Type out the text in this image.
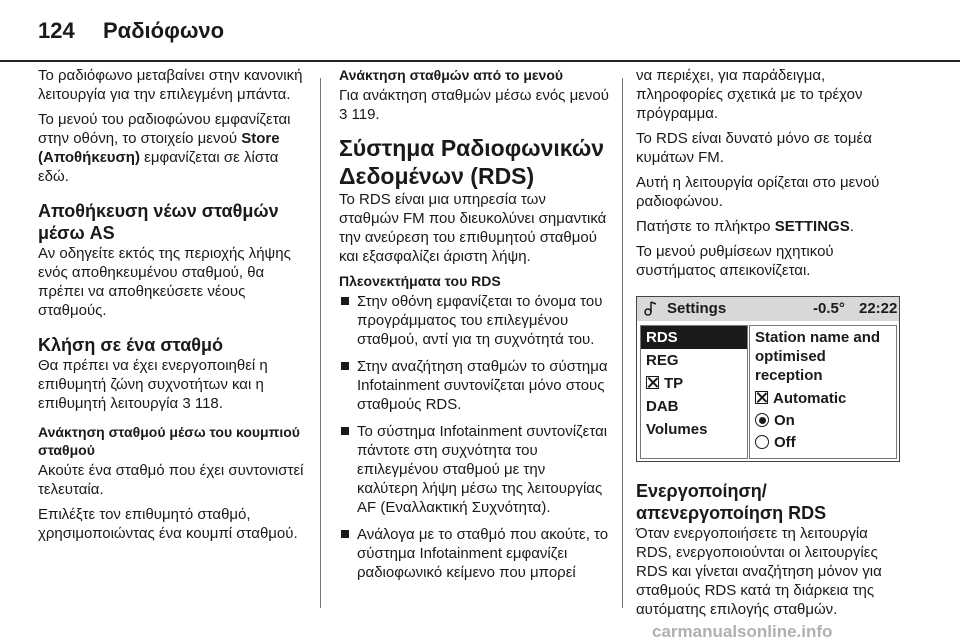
124 Ραδιόφωνο

Το ραδιόφωνο μεταβαίνει στην κανονική λειτουργία για την επιλεγμένη μπάντα.

Το μενού του ραδιοφώνου εμφανίζεται στην οθόνη, το στοιχείο μενού Store (Αποθήκευση) εμφανίζεται σε λίστα εδώ.

Αποθήκευση νέων σταθμών μέσω AS

Αν οδηγείτε εκτός της περιοχής λήψης ενός αποθηκευμένου σταθμού, θα πρέπει να αποθηκεύσετε νέους σταθμούς.

Κλήση σε ένα σταθμό

Θα πρέπει να έχει ενεργοποιηθεί η επιθυμητή ζώνη συχνοτήτων και η επιθυμητή λειτουργία 3 118.

Ανάκτηση σταθμού μέσω του κουμπιού σταθμού

Ακούτε ένα σταθμό που έχει συντονιστεί τελευταία.

Επιλέξτε τον επιθυμητό σταθμό, χρησιμοποιώντας ένα κουμπί σταθμού.

Ανάκτηση σταθμών από το μενού

Για ανάκτηση σταθμών μέσω ενός μενού 3 119.

Σύστημα Ραδιοφωνικών Δεδομένων (RDS)

Το RDS είναι μια υπηρεσία των σταθμών FM που διευκολύνει σημαντικά την ανεύρεση του επιθυμητού σταθμού και εξασφαλίζει άριστη λήψη.

Πλεονεκτήματα του RDS
Στην οθόνη εμφανίζεται το όνομα του προγράμματος του επιλεγμένου σταθμού, αντί για τη συχνότητά του.
Στην αναζήτηση σταθμών το σύστημα Infotainment συντονίζεται μόνο στους σταθμούς RDS.
Το σύστημα Infotainment συντονίζεται πάντοτε στη συχνότητα του επιλεγμένου σταθμού με την καλύτερη λήψη μέσω της λειτουργίας AF (Εναλλακτική Συχνότητα).
Ανάλογα με το σταθμό που ακούτε, το σύστημα Infotainment εμφανίζει ραδιοφωνικό κείμενο που μπορεί

να περιέχει, για παράδειγμα, πληροφορίες σχετικά με το τρέχον πρόγραμμα.

Το RDS είναι δυνατό μόνο σε τομέα κυμάτων FM.

Αυτή η λειτουργία ορίζεται στο μενού ραδιοφώνου.

Πατήστε το πλήκτρο SETTINGS.

Το μενού ρυθμίσεων ηχητικού συστήματος απεικονίζεται.

Settings	-0.5° 22:22
RDS
REG
TP
DAB
Volumes
Station name and
optimised reception
Automatic
On
Off
Ενεργοποίηση/ απενεργοποίηση RDS

Όταν ενεργοποιήσετε τη λειτουργία RDS, ενεργοποιούνται οι λειτουργίες RDS και γίνεται αναζήτηση μόνον για σταθμούς RDS κατά τη διάρκεια της αυτόματης επιλογής σταθμών.

carmanualsonline.info
